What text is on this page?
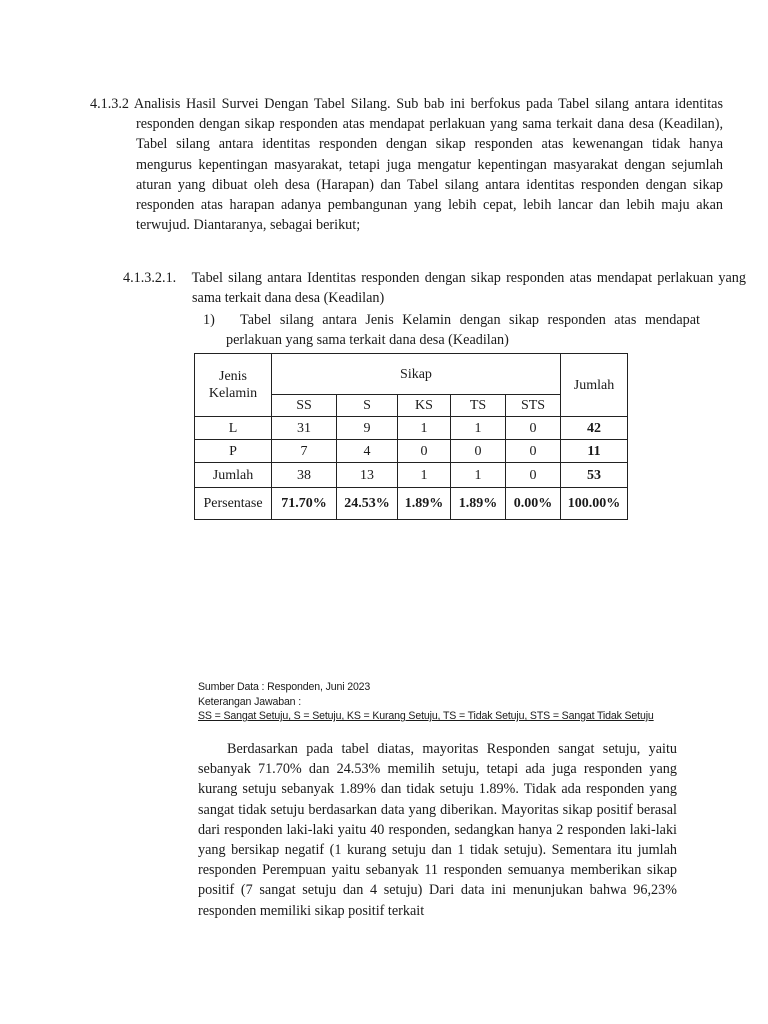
4.1.3.2 Analisis Hasil Survei Dengan Tabel Silang. Sub bab ini berfokus pada Tabel silang antara identitas responden dengan sikap responden atas mendapat perlakuan yang sama terkait dana desa (Keadilan), Tabel silang antara identitas responden dengan sikap responden atas kewenangan tidak hanya mengurus kepentingan masyarakat, tetapi juga mengatur kepentingan masyarakat dengan sejumlah aturan yang dibuat oleh desa (Harapan) dan Tabel silang antara identitas responden dengan sikap responden atas harapan adanya pembangunan yang lebih cepat, lebih lancar dan lebih maju akan terwujud. Diantaranya, sebagai berikut;
4.1.3.2.1.   Tabel silang antara Identitas responden dengan sikap responden atas mendapat perlakuan yang sama terkait dana desa (Keadilan)
1)   Tabel silang antara Jenis Kelamin dengan sikap responden atas mendapat perlakuan yang sama terkait dana desa (Keadilan)
Jenis
Kelamin	Sikap					Jumlah
	SS	S	KS	TS	STS	
L	31	9	1	1	0	42
P	7	4	0	0	0	11
Jumlah	38	13	1	1	0	53
Persentase	71.70%	24.53%	1.89%	1.89%	0.00%	100.00%
Sumber Data : Responden, Juni 2023
Keterangan Jawaban :
SS = Sangat Setuju, S = Setuju, KS = Kurang Setuju, TS = Tidak Setuju, STS = Sangat Tidak Setuju
Berdasarkan pada tabel diatas, mayoritas Responden sangat setuju, yaitu sebanyak 71.70% dan 24.53% memilih setuju, tetapi ada juga responden yang kurang setuju sebanyak 1.89% dan tidak setuju 1.89%. Tidak ada responden yang sangat tidak setuju berdasarkan data yang diberikan. Mayoritas sikap positif berasal dari responden laki-laki yaitu 40 responden, sedangkan hanya 2 responden laki-laki yang bersikap negatif (1 kurang setuju dan 1 tidak setuju). Sementara itu jumlah responden Perempuan yaitu sebanyak 11 responden semuanya memberikan sikap positif (7 sangat setuju dan 4 setuju) Dari data ini menunjukan bahwa 96,23% responden memiliki sikap positif terkait
